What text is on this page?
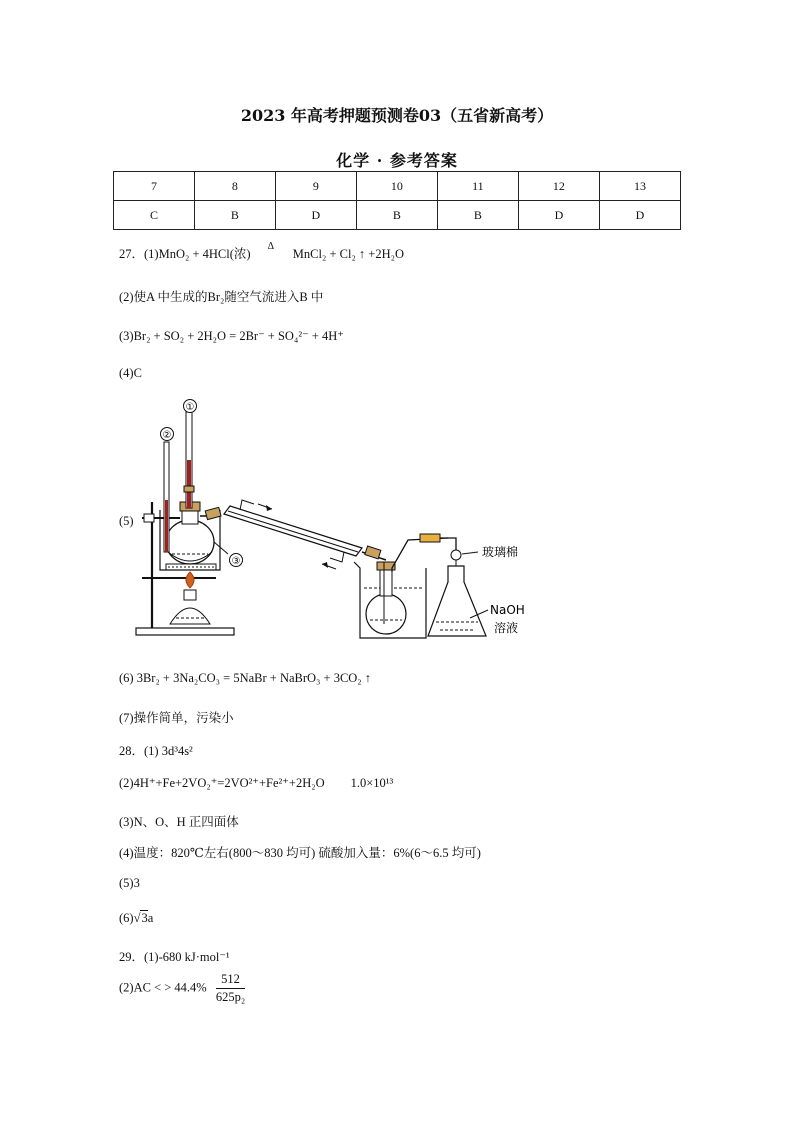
2023 年高考押题预测卷03（五省新高考）
化学 · 参考答案
7	8	9	10	11	12	13
C	B	D	B	B	D	D
27．(1)MnO₂ + 4HCl(浓)
Δ
MnCl₂ + Cl₂ ↑ +2H₂O
(2)使A 中生成的Br₂随空气流进入B 中
(3)Br₂ + SO₂ + 2H₂O = 2Br⁻ + SO₄²⁻ + 4H⁺
(4)C
(5)
①
②
③
玻璃棉
NaOH
溶液
(6) 3Br₂ + 3Na₂CO₃ = 5NaBr + NaBrO₃ + 3CO₂ ↑
(7)操作简单，污染小
28．(1) 3d³4s²
(2)4H⁺+Fe+2VO₂⁺=2VO²⁺+Fe²⁺+2H₂O 1.0×10¹³
(3)N、O、H 正四面体
(4)温度：820℃左右(800～830 均可) 硫酸加入量：6%(6～6.5 均可)
(5)3
(6)√3a
29．(1)-680 kJ·mol⁻¹
(2)AC < > $44.4\% \frac{512}{\text{625p₂}}$
